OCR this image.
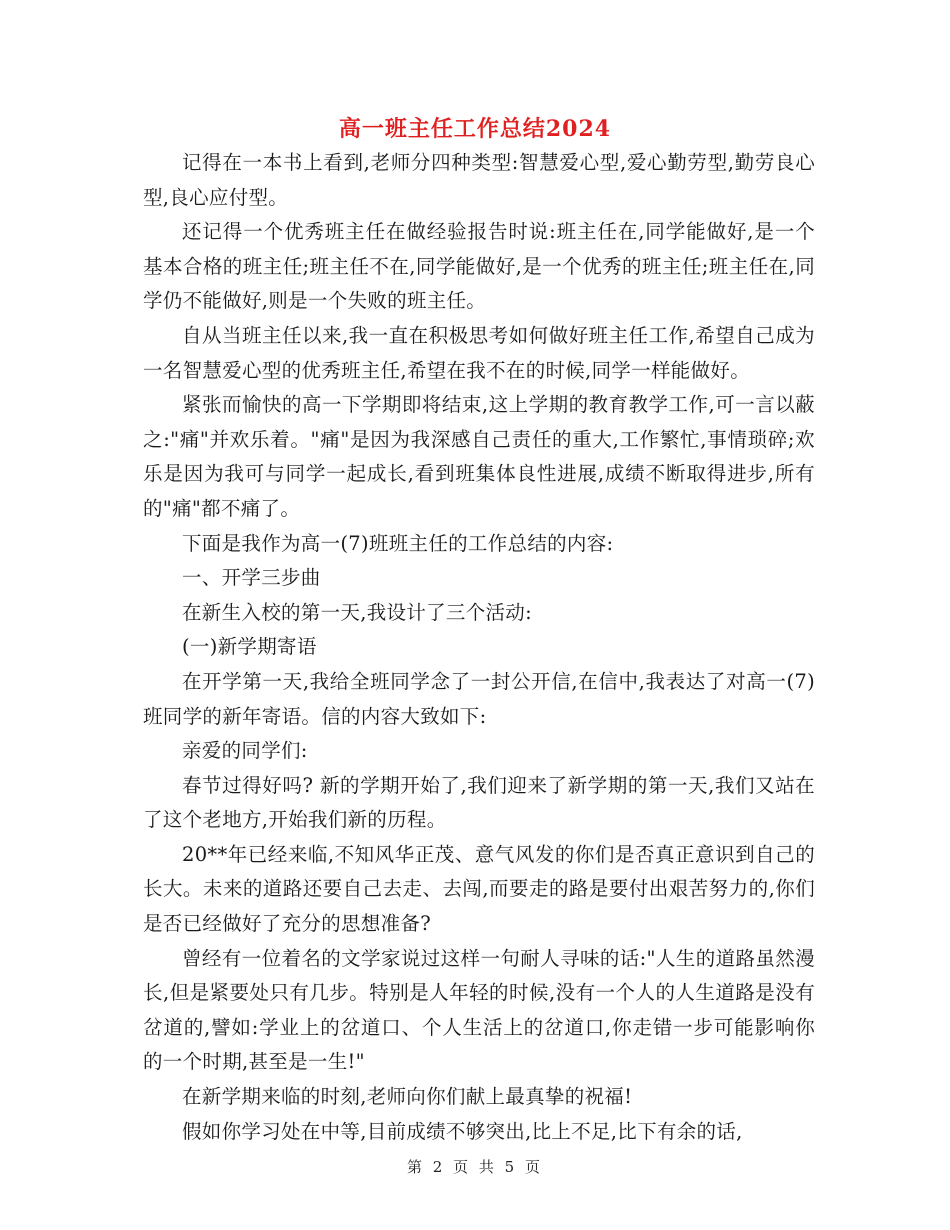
高一班主任工作总结2024

记得在一本书上看到,老师分四种类型:智慧爱心型,爱心勤劳型,勤劳良心型,良心应付型。

还记得一个优秀班主任在做经验报告时说:班主任在,同学能做好,是一个基本合格的班主任;班主任不在,同学能做好,是一个优秀的班主任;班主任在,同学仍不能做好,则是一个失败的班主任。

自从当班主任以来,我一直在积极思考如何做好班主任工作,希望自己成为一名智慧爱心型的优秀班主任,希望在我不在的时候,同学一样能做好。

紧张而愉快的高一下学期即将结束,这上学期的教育教学工作,可一言以蔽之:"痛"并欢乐着。"痛"是因为我深感自己责任的重大,工作繁忙,事情琐碎;欢乐是因为我可与同学一起成长,看到班集体良性进展,成绩不断取得进步,所有的"痛"都不痛了。

下面是我作为高一(7)班班主任的工作总结的内容:

一、开学三步曲

在新生入校的第一天,我设计了三个活动:

(一)新学期寄语

在开学第一天,我给全班同学念了一封公开信,在信中,我表达了对高一(7)班同学的新年寄语。信的内容大致如下:

亲爱的同学们:

春节过得好吗? 新的学期开始了,我们迎来了新学期的第一天,我们又站在了这个老地方,开始我们新的历程。

20**年已经来临,不知风华正茂、意气风发的你们是否真正意识到自己的长大。未来的道路还要自己去走、去闯,而要走的路是要付出艰苦努力的,你们是否已经做好了充分的思想准备?

曾经有一位着名的文学家说过这样一句耐人寻味的话:"人生的道路虽然漫长,但是紧要处只有几步。特别是人年轻的时候,没有一个人的人生道路是没有岔道的,譬如:学业上的岔道口、个人生活上的岔道口,你走错一步可能影响你的一个时期,甚至是一生!"

在新学期来临的时刻,老师向你们献上最真挚的祝福!

假如你学习处在中等,目前成绩不够突出,比上不足,比下有余的话,

第 2 页 共 5 页
